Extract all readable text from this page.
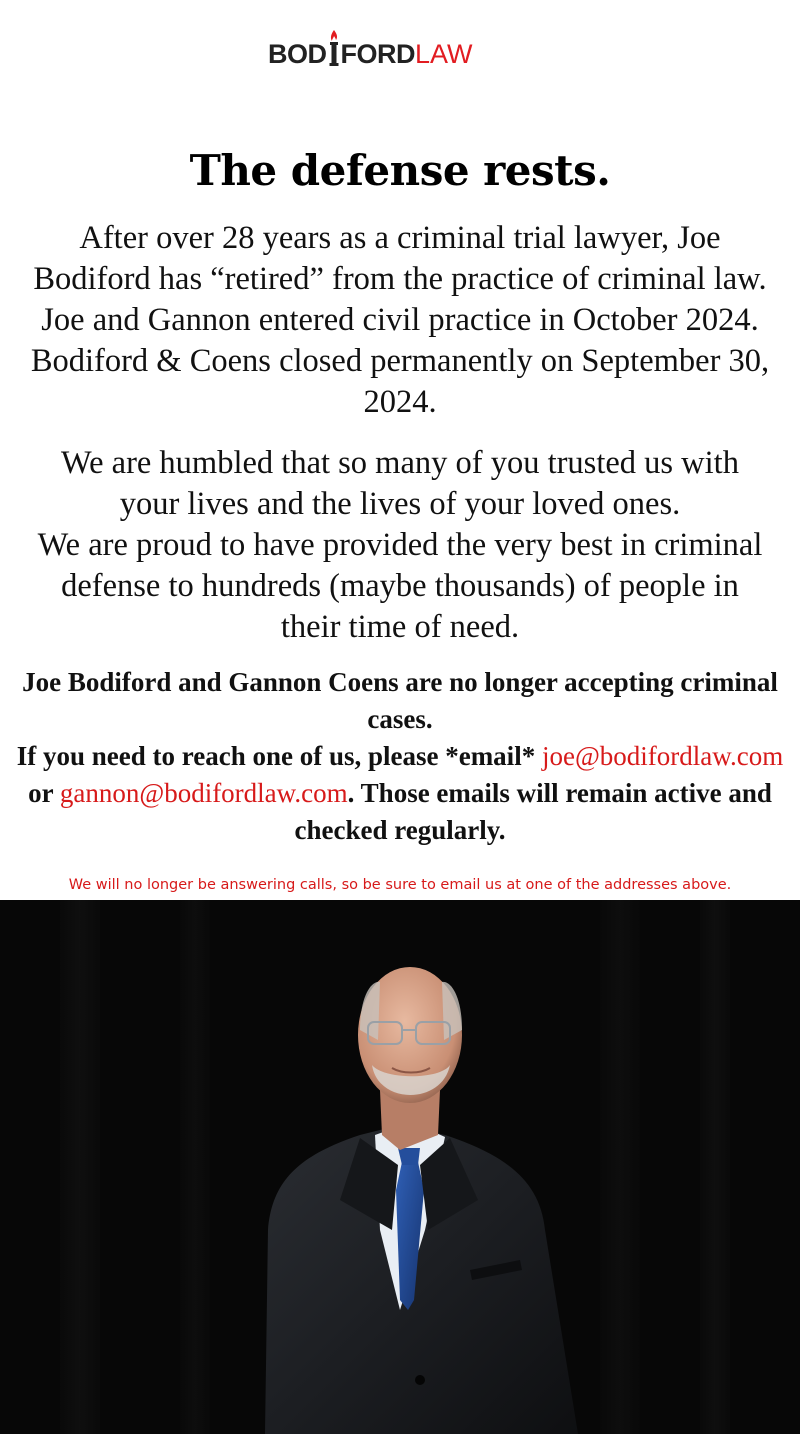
BOD FORD LAW
The defense rests.

After over 28 years as a criminal trial lawyer, Joe
Bodiford has “retired” from the practice of criminal law.
Joe and Gannon entered civil practice in October 2024.
Bodiford & Coens closed permanently on September 30,
2024.

We are humbled that so many of you trusted us with
your lives and the lives of your loved ones.
We are proud to have provided the very best in criminal
defense to hundreds (maybe thousands) of people in
their time of need.

Joe Bodiford and Gannon Coens are no longer accepting criminal
cases.
If you need to reach one of us, please *email* joe@bodifordlaw.com
or gannon@bodifordlaw.com. Those emails will remain active and
checked regularly.

We will no longer be answering calls, so be sure to email us at one of the addresses above.
